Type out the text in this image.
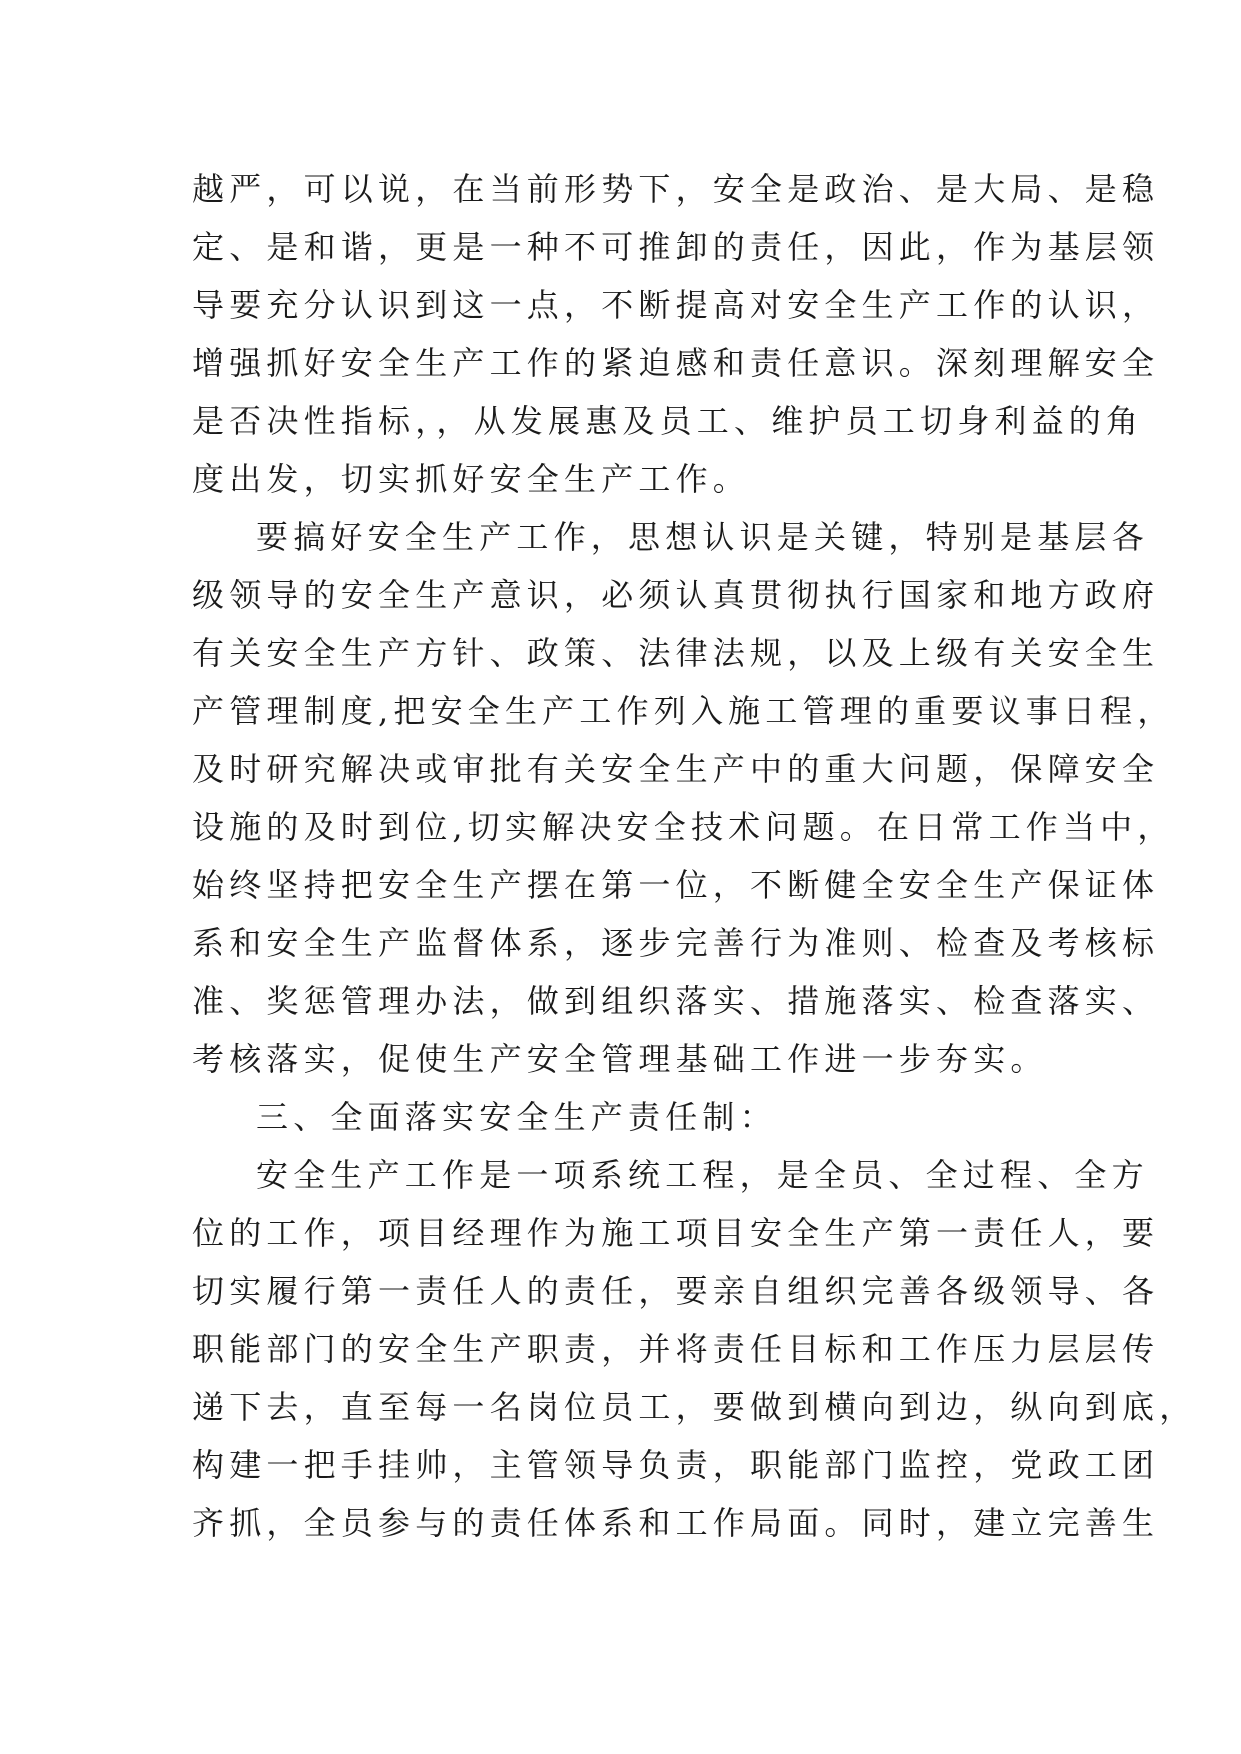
越严，可以说，在当前形势下，安全是政治、是大局、是稳
定、是和谐，更是一种不可推卸的责任，因此，作为基层领
导要充分认识到这一点，不断提高对安全生产工作的认识，
增强抓好安全生产工作的紧迫感和责任意识。深刻理解安全
是否决性指标，，从发展惠及员工、维护员工切身利益的角
度出发，切实抓好安全生产工作。
要搞好安全生产工作，思想认识是关键，特别是基层各
级领导的安全生产意识，必须认真贯彻执行国家和地方政府
有关安全生产方针、政策、法律法规，以及上级有关安全生
产管理制度,把安全生产工作列入施工管理的重要议事日程，
及时研究解决或审批有关安全生产中的重大问题，保障安全
设施的及时到位,切实解决安全技术问题。在日常工作当中，
始终坚持把安全生产摆在第一位，不断健全安全生产保证体
系和安全生产监督体系，逐步完善行为准则、检查及考核标
准、奖惩管理办法，做到组织落实、措施落实、检查落实、
考核落实，促使生产安全管理基础工作进一步夯实。
三、全面落实安全生产责任制：
安全生产工作是一项系统工程，是全员、全过程、全方
位的工作，项目经理作为施工项目安全生产第一责任人，要
切实履行第一责任人的责任，要亲自组织完善各级领导、各
职能部门的安全生产职责，并将责任目标和工作压力层层传
递下去，直至每一名岗位员工，要做到横向到边，纵向到底，
构建一把手挂帅，主管领导负责，职能部门监控，党政工团
齐抓，全员参与的责任体系和工作局面。同时，建立完善生
